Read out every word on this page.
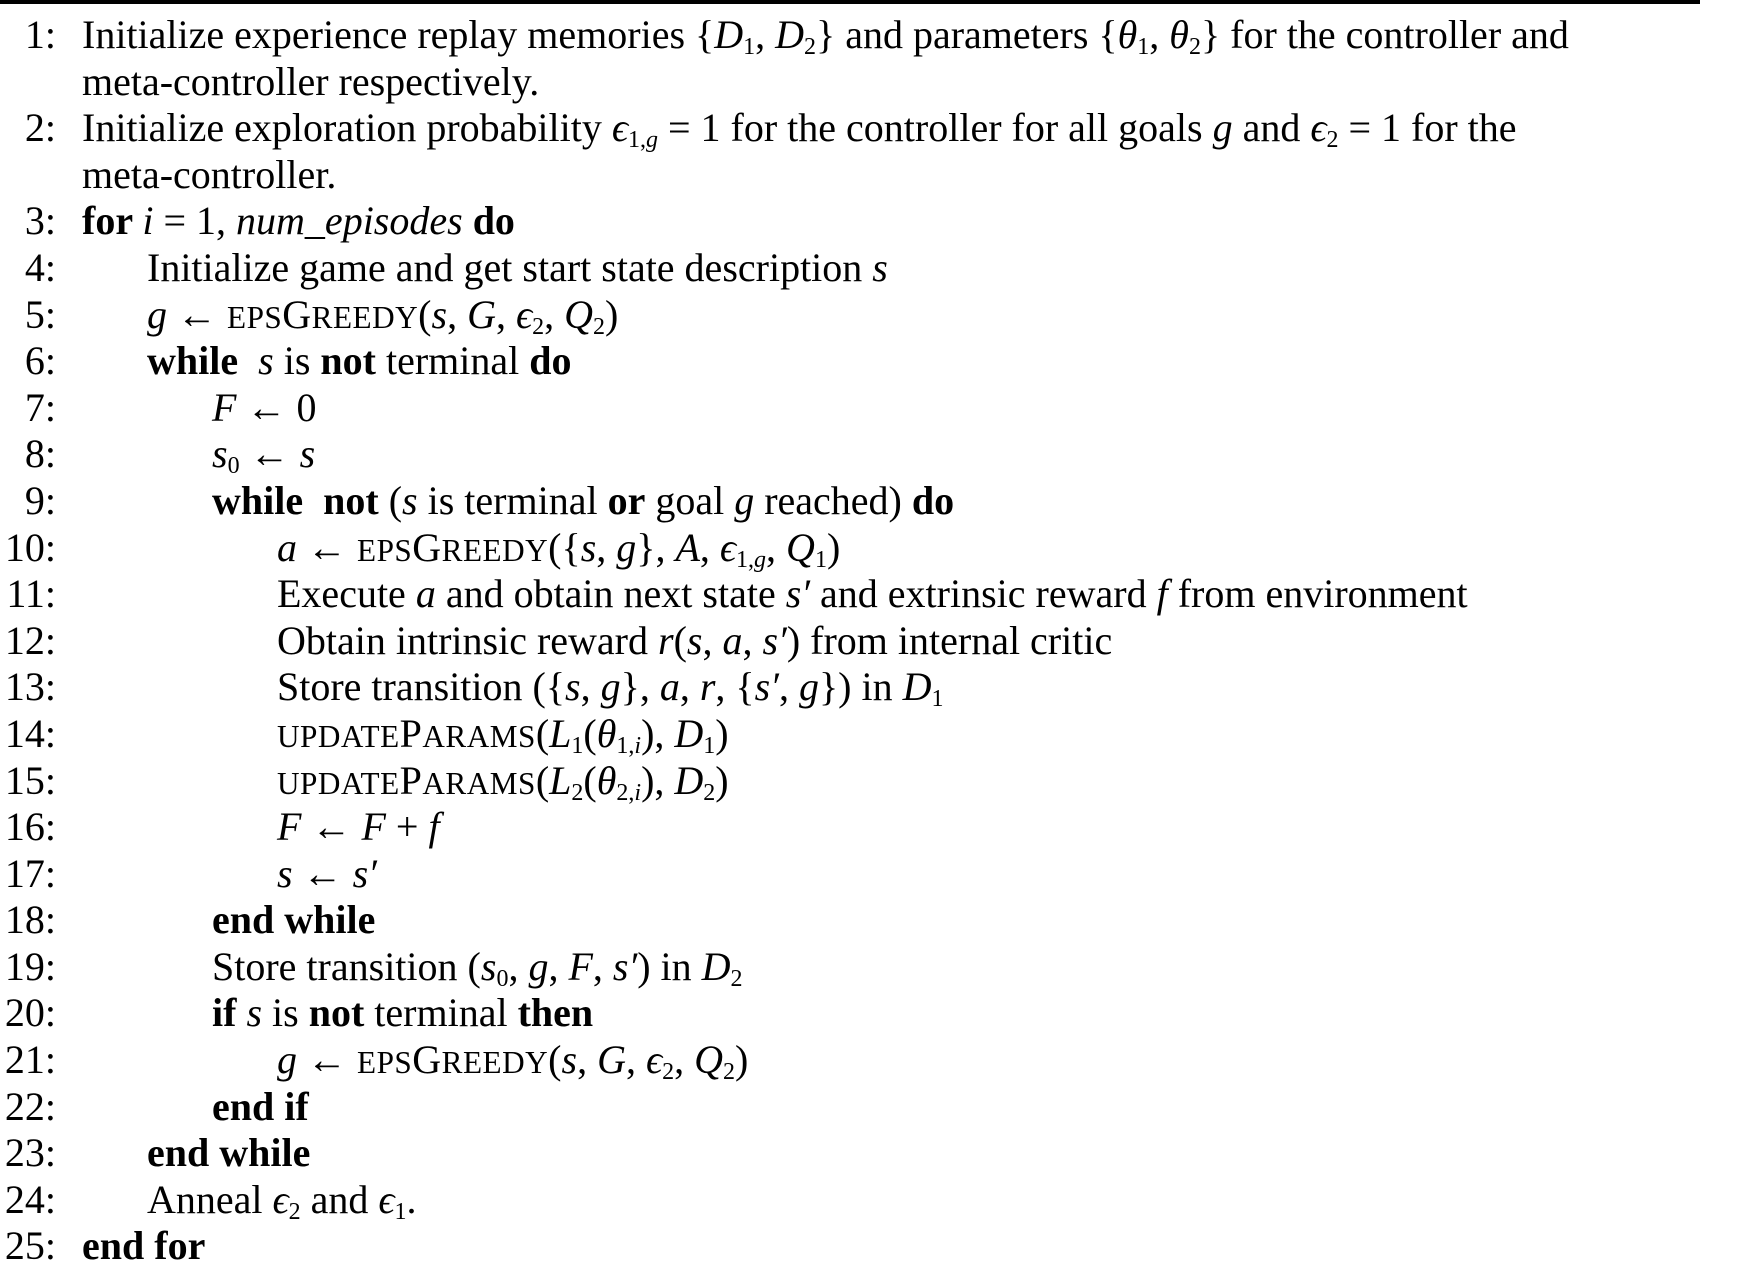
1: Initialize experience replay memories {$D_1$, $D_2$} and parameters {$\theta_1$, $\theta_2$} for the controller and
meta-controller respectively.
2: Initialize exploration probability $\epsilon_{1,}g = 1$ for the controller for all goals g and $\epsilon_2 = 1$ for the
meta-controller.
3: for i = 1, num_episodes do
4:	Initialize game and get start state description s
5:	g ← EPSGREEDY(s, G, $\epsilon_2$, $Q_2$)
6:	while s is not terminal do
7:	F ← 0
8:	$s_0$ ← s
9:	while not (s is terminal or goal g reached) do
10:	a ← EPSGREEDY({s, g}, A, $\epsilon_{1,}g$, $Q_1$)
11:	Execute a and obtain next state s′ and extrinsic reward f from environment
12:	Obtain intrinsic reward r(s, a, s′) from internal critic
13:	Store transition ({s, g}, a, r, {s′, g}) in $D_1$
14:	$UPDATEPARAMS(L_1(\theta_{1,}i)$, $D_1$)
15:	$UPDATEPARAMS(L_2(\theta_{2,}i)$, $D_2$)
16:	F ← F + f
17:	s ← s′
18:	end while
19:	Store transition ($s_0$, g, F, s′) in $D_2$
20:	if s is not terminal then
21:	g ← EPSGREEDY(s, G, $\epsilon_2$, $Q_2$)
22:	end if
23:	end while
24:	Anneal $\epsilon_2$ and $\epsilon_1$.
25: end for
